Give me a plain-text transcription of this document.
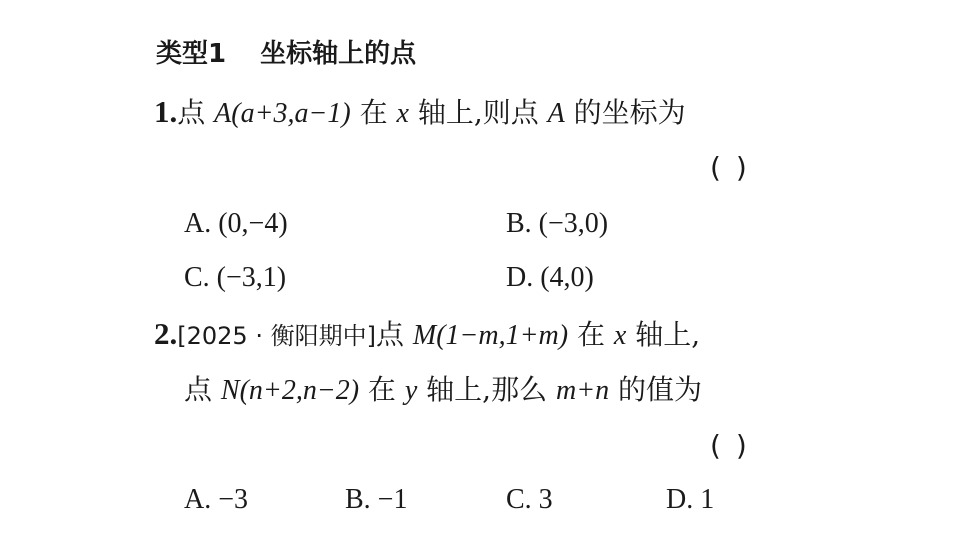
类型1 坐标轴上的点
1.点 A(a+3,a−1) 在 x 轴上,则点 A 的坐标为
( )
A. (0,−4)	B. (−3,0)
C. (−3,1)	D. (4,0)
2.[2025 · 衡阳期中]点 M(1−m,1+m) 在 x 轴上,
点 N(n+2,n−2) 在 y 轴上,那么 m+n 的值为
( )
A. −3	B. −1	C. 3	D. 1
